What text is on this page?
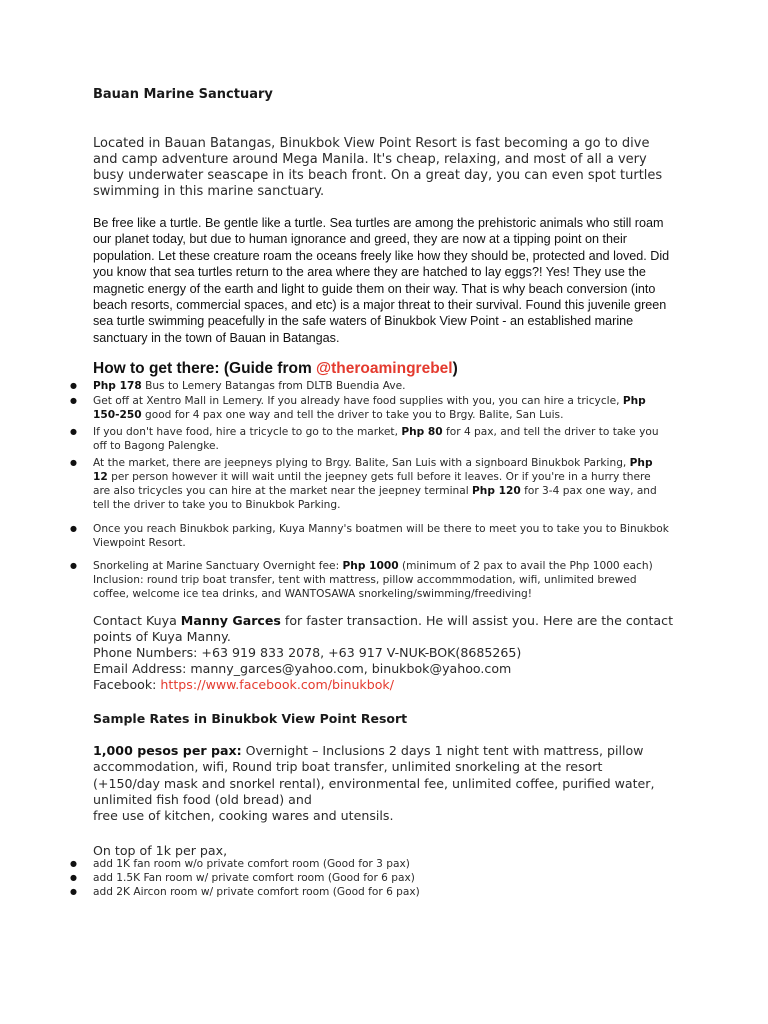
Bauan Marine Sanctuary
Located in Bauan Batangas, Binukbok View Point Resort is fast becoming a go to dive and camp adventure around Mega Manila. It's cheap, relaxing, and most of all a very busy underwater seascape in its beach front. On a great day, you can even spot turtles swimming in this marine sanctuary.
Be free like a turtle. Be gentle like a turtle. Sea turtles are among the prehistoric animals who still roam our planet today, but due to human ignorance and greed, they are now at a tipping point on their population. Let these creature roam the oceans freely like how they should be, protected and loved. Did you know that sea turtles return to the area where they are hatched to lay eggs?! Yes! They use the magnetic energy of the earth and light to guide them on their way. That is why beach conversion (into beach resorts, commercial spaces, and etc) is a major threat to their survival. Found this juvenile green sea turtle swimming peacefully in the safe waters of Binukbok View Point - an established marine sanctuary in the town of Bauan in Batangas.
How to get there: (Guide from @theroamingrebel)
● Php 178 Bus to Lemery Batangas from DLTB Buendia Ave.
● Get off at Xentro Mall in Lemery. If you already have food supplies with you, you can hire a tricycle, Php 150-250 good for 4 pax one way and tell the driver to take you to Brgy. Balite, San Luis.
● If you don't have food, hire a tricycle to go to the market, Php 80 for 4 pax, and tell the driver to take you off to Bagong Palengke.
● At the market, there are jeepneys plying to Brgy. Balite, San Luis with a signboard Binukbok Parking, Php 12 per person however it will wait until the jeepney gets full before it leaves. Or if you're in a hurry there are also tricycles you can hire at the market near the jeepney terminal Php 120 for 3-4 pax one way, and tell the driver to take you to Binukbok Parking.
● Once you reach Binukbok parking, Kuya Manny's boatmen will be there to meet you to take you to Binukbok Viewpoint Resort.
● Snorkeling at Marine Sanctuary Overnight fee: Php 1000 (minimum of 2 pax to avail the Php 1000 each) Inclusion: round trip boat transfer, tent with mattress, pillow accommmodation, wifi, unlimited brewed coffee, welcome ice tea drinks, and WANTOSAWA snorkeling/swimming/freediving!
Contact Kuya Manny Garces for faster transaction. He will assist you. Here are the contact points of Kuya Manny.
Phone Numbers: +63 919 833 2078, +63 917 V-NUK-BOK(8685265)
Email Address: manny_garces@yahoo.com, binukbok@yahoo.com
Facebook: https://www.facebook.com/binukbok/
Sample Rates in Binukbok View Point Resort
1,000 pesos per pax: Overnight – Inclusions 2 days 1 night tent with mattress, pillow accommodation, wifi, Round trip boat transfer, unlimited snorkeling at the resort (+150/day mask and snorkel rental), environmental fee, unlimited coffee, purified water, unlimited fish food (old bread) and
free use of kitchen, cooking wares and utensils.
On top of 1k per pax,
● add 1K fan room w/o private comfort room (Good for 3 pax)
● add 1.5K Fan room w/ private comfort room (Good for 6 pax)
● add 2K Aircon room w/ private comfort room (Good for 6 pax)
